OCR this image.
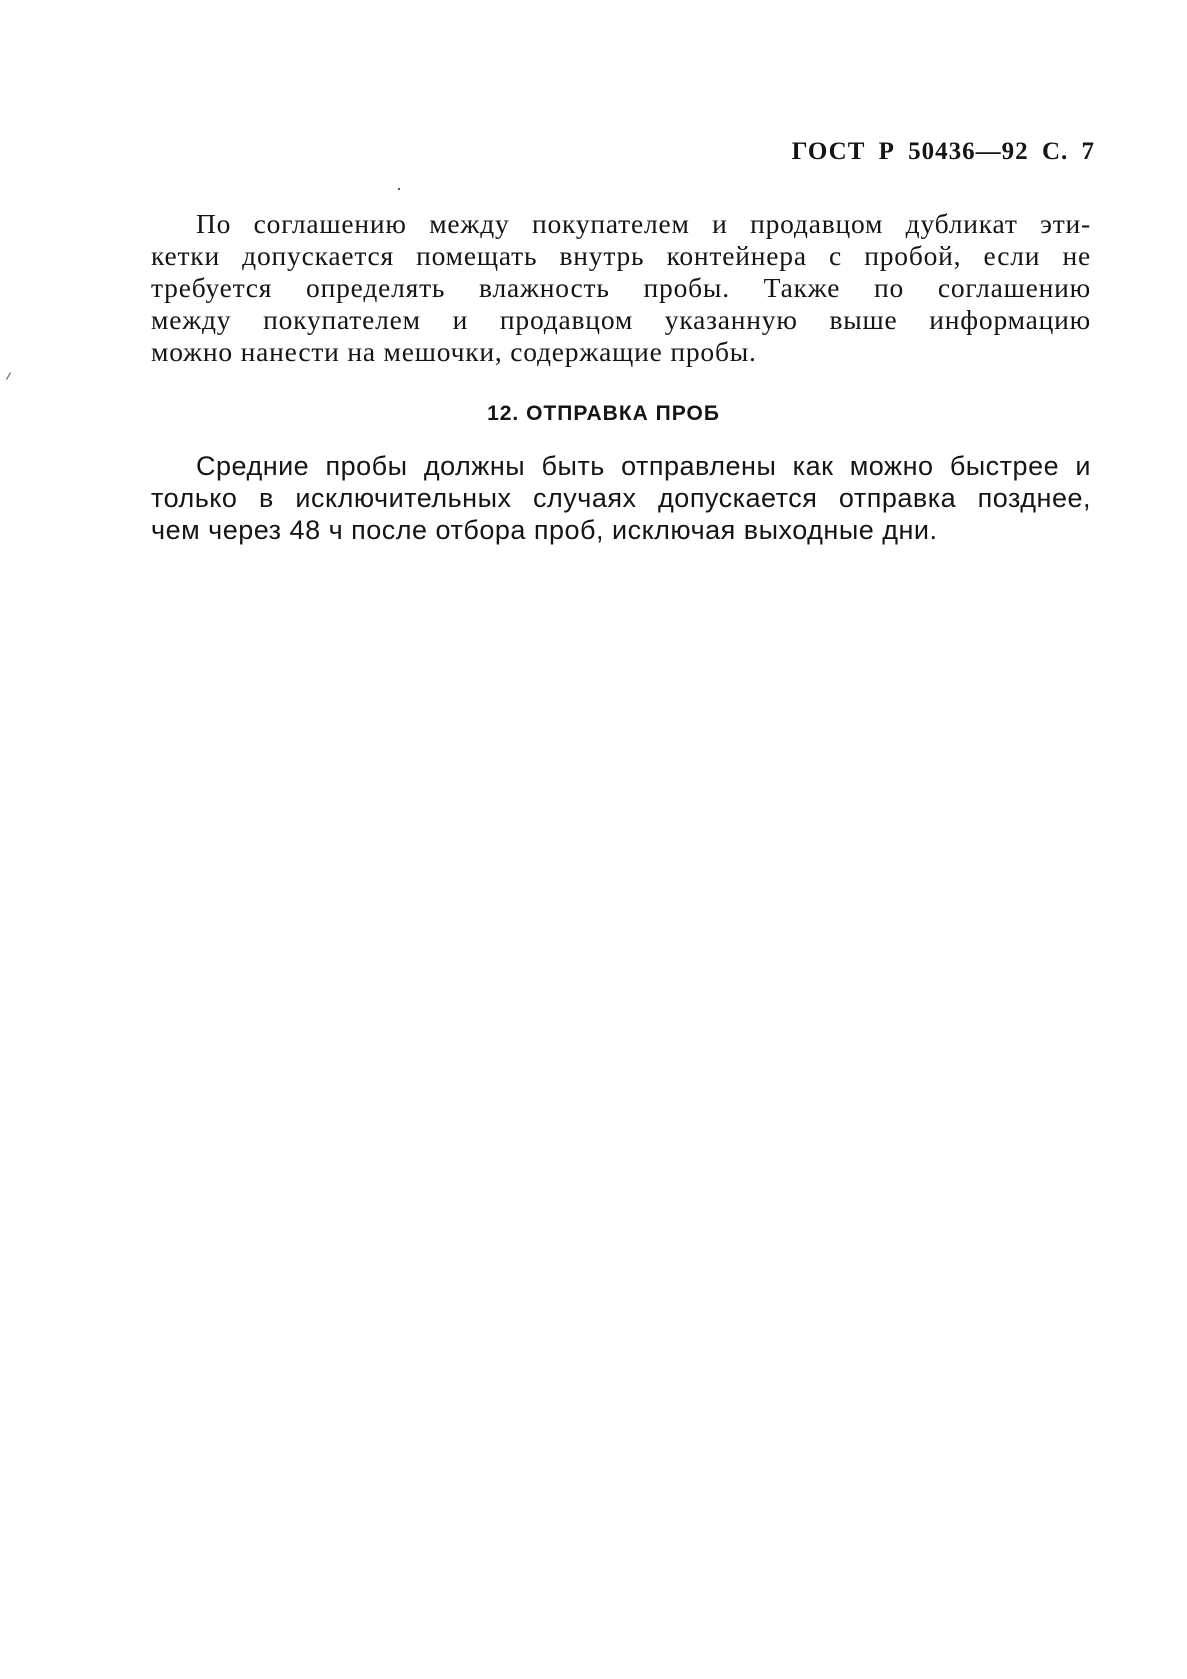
ГОСТ Р 50436—92 С. 7
По соглашению между покупателем и продавцом дубликат эти-
кетки допускается помещать внутрь контейнера с пробой, если не
требуется определять влажность пробы. Также по соглашению
между покупателем и продавцом указанную выше информацию
можно нанести на мешочки, содержащие пробы.
12. ОТПРАВКА ПРОБ
Средние пробы должны быть отправлены как можно быстрее и
только в исключительных случаях допускается отправка позднее,
чем через 48 ч после отбора проб, исключая выходные дни.
